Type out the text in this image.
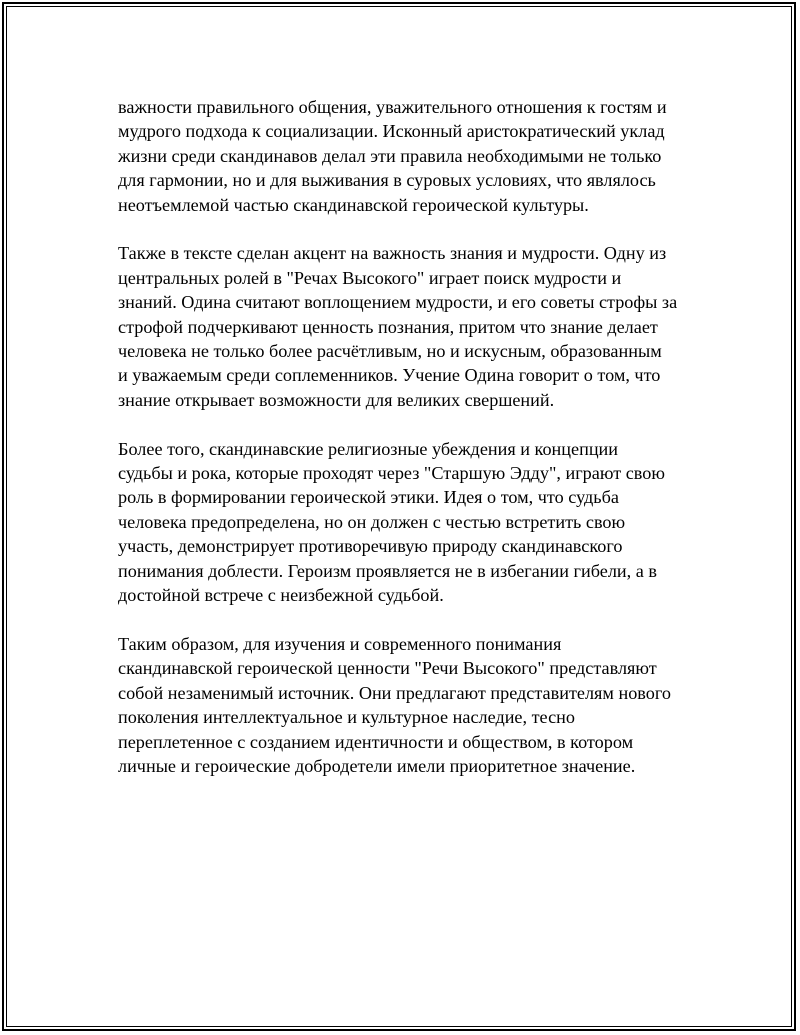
важности правильного общения, уважительного отношения к гостям и
мудрого подхода к социализации. Исконный аристократический уклад
жизни среди скандинавов делал эти правила необходимыми не только
для гармонии, но и для выживания в суровых условиях, что являлось
неотъемлемой частью скандинавской героической культуры.

Также в тексте сделан акцент на важность знания и мудрости. Одну из
центральных ролей в "Речах Высокого" играет поиск мудрости и
знаний. Одина считают воплощением мудрости, и его советы строфы за
строфой подчеркивают ценность познания, притом что знание делает
человека не только более расчётливым, но и искусным, образованным
и уважаемым среди соплеменников. Учение Одина говорит о том, что
знание открывает возможности для великих свершений.

Более того, скандинавские религиозные убеждения и концепции
судьбы и рока, которые проходят через "Старшую Эдду", играют свою
роль в формировании героической этики. Идея о том, что судьба
человека предопределена, но он должен с честью встретить свою
участь, демонстрирует противоречивую природу скандинавского
понимания доблести. Героизм проявляется не в избегании гибели, а в
достойной встрече с неизбежной судьбой.

Таким образом, для изучения и современного понимания
скандинавской героической ценности "Речи Высокого" представляют
собой незаменимый источник. Они предлагают представителям нового
поколения интеллектуальное и культурное наследие, тесно
переплетенное с созданием идентичности и обществом, в котором
личные и героические добродетели имели приоритетное значение.
